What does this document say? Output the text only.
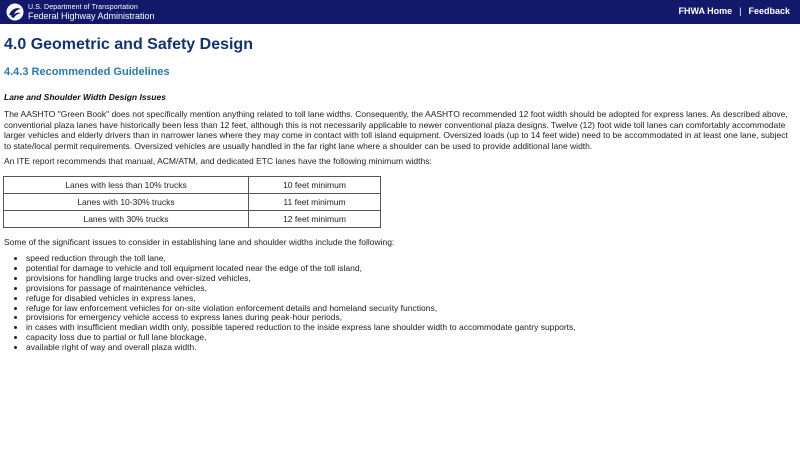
U.S. Department of Transportation
Federal Highway Administration	FHWA Home | Feedback
4.0 Geometric and Safety Design
4.4.3 Recommended Guidelines
Lane and Shoulder Width Design Issues

The AASHTO "Green Book" does not specifically mention anything related to toll lane widths. Consequently, the AASHTO recommended 12 foot width should be adopted for express lanes. As described above, conventional plaza lanes have historically been less than 12 feet, although this is not necessarily applicable to newer conventional plaza designs. Twelve (12) foot wide toll lanes can comfortably accommodate larger vehicles and elderly drivers than in narrower lanes where they may come in contact with toll island equipment. Oversized loads (up to 14 feet wide) need to be accommodated in at least one lane, subject to state/local permit requirements. Oversized vehicles are usually handled in the far right lane where a shoulder can be used to provide additional lane width.

An ITE report recommends that manual, ACM/ATM, and dedicated ETC lanes have the following minimum widths:

Lanes with less than 10% trucks	10 feet minimum
Lanes with 10-30% trucks	11 feet minimum
Lanes with 30% trucks	12 feet minimum

Some of the significant issues to consider in establishing lane and shoulder widths include the following:

• speed reduction through the toll lane,
• potential for damage to vehicle and toll equipment located near the edge of the toll island,
• provisions for handling large trucks and over-sized vehicles,
• provisions for passage of maintenance vehicles,
• refuge for disabled vehicles in express lanes,
• refuge for law enforcement vehicles for on-site violation enforcement details and homeland security functions,
• provisions for emergency vehicle access to express lanes during peak-hour periods,
• in cases with insufficient median width only, possible tapered reduction to the inside express lane shoulder width to accommodate gantry supports,
• capacity loss due to partial or full lane blockage,
• available right of way and overall plaza width.
